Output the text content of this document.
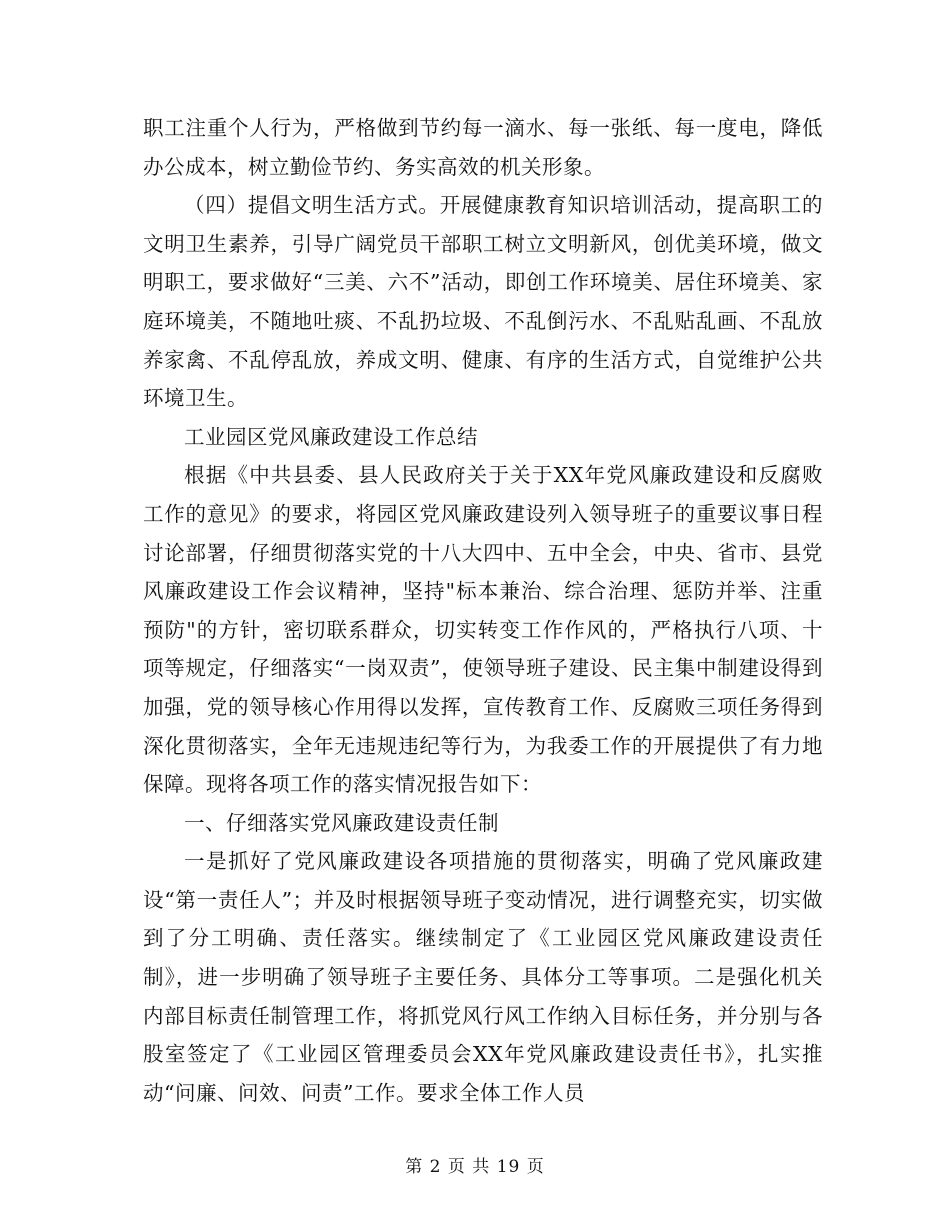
职工注重个人行为，严格做到节约每一滴水、每一张纸、每一度电，降低办公成本，树立勤俭节约、务实高效的机关形象。

（四）提倡文明生活方式。开展健康教育知识培训活动，提高职工的文明卫生素养，引导广阔党员干部职工树立文明新风，创优美环境，做文明职工，要求做好“三美、六不”活动，即创工作环境美、居住环境美、家庭环境美，不随地吐痰、不乱扔垃圾、不乱倒污水、不乱贴乱画、不乱放养家禽、不乱停乱放，养成文明、健康、有序的生活方式，自觉维护公共环境卫生。

工业园区党风廉政建设工作总结

根据《中共县委、县人民政府关于关于XX年党风廉政建设和反腐败工作的意见》的要求，将园区党风廉政建设列入领导班子的重要议事日程讨论部署，仔细贯彻落实党的十八大四中、五中全会，中央、省市、县党风廉政建设工作会议精神，坚持"标本兼治、综合治理、惩防并举、注重预防"的方针，密切联系群众，切实转变工作作风的，严格执行八项、十项等规定，仔细落实“一岗双责”，使领导班子建设、民主集中制建设得到加强，党的领导核心作用得以发挥，宣传教育工作、反腐败三项任务得到深化贯彻落实，全年无违规违纪等行为，为我委工作的开展提供了有力地保障。现将各项工作的落实情况报告如下：

一、仔细落实党风廉政建设责任制

一是抓好了党风廉政建设各项措施的贯彻落实，明确了党风廉政建设“第一责任人”；并及时根据领导班子变动情况，进行调整充实，切实做到了分工明确、责任落实。继续制定了《工业园区党风廉政建设责任制》，进一步明确了领导班子主要任务、具体分工等事项。二是强化机关内部目标责任制管理工作，将抓党风行风工作纳入目标任务，并分别与各股室签定了《工业园区管理委员会XX年党风廉政建设责任书》，扎实推动“问廉、问效、问责”工作。要求全体工作人员

第 2 页 共 19 页
